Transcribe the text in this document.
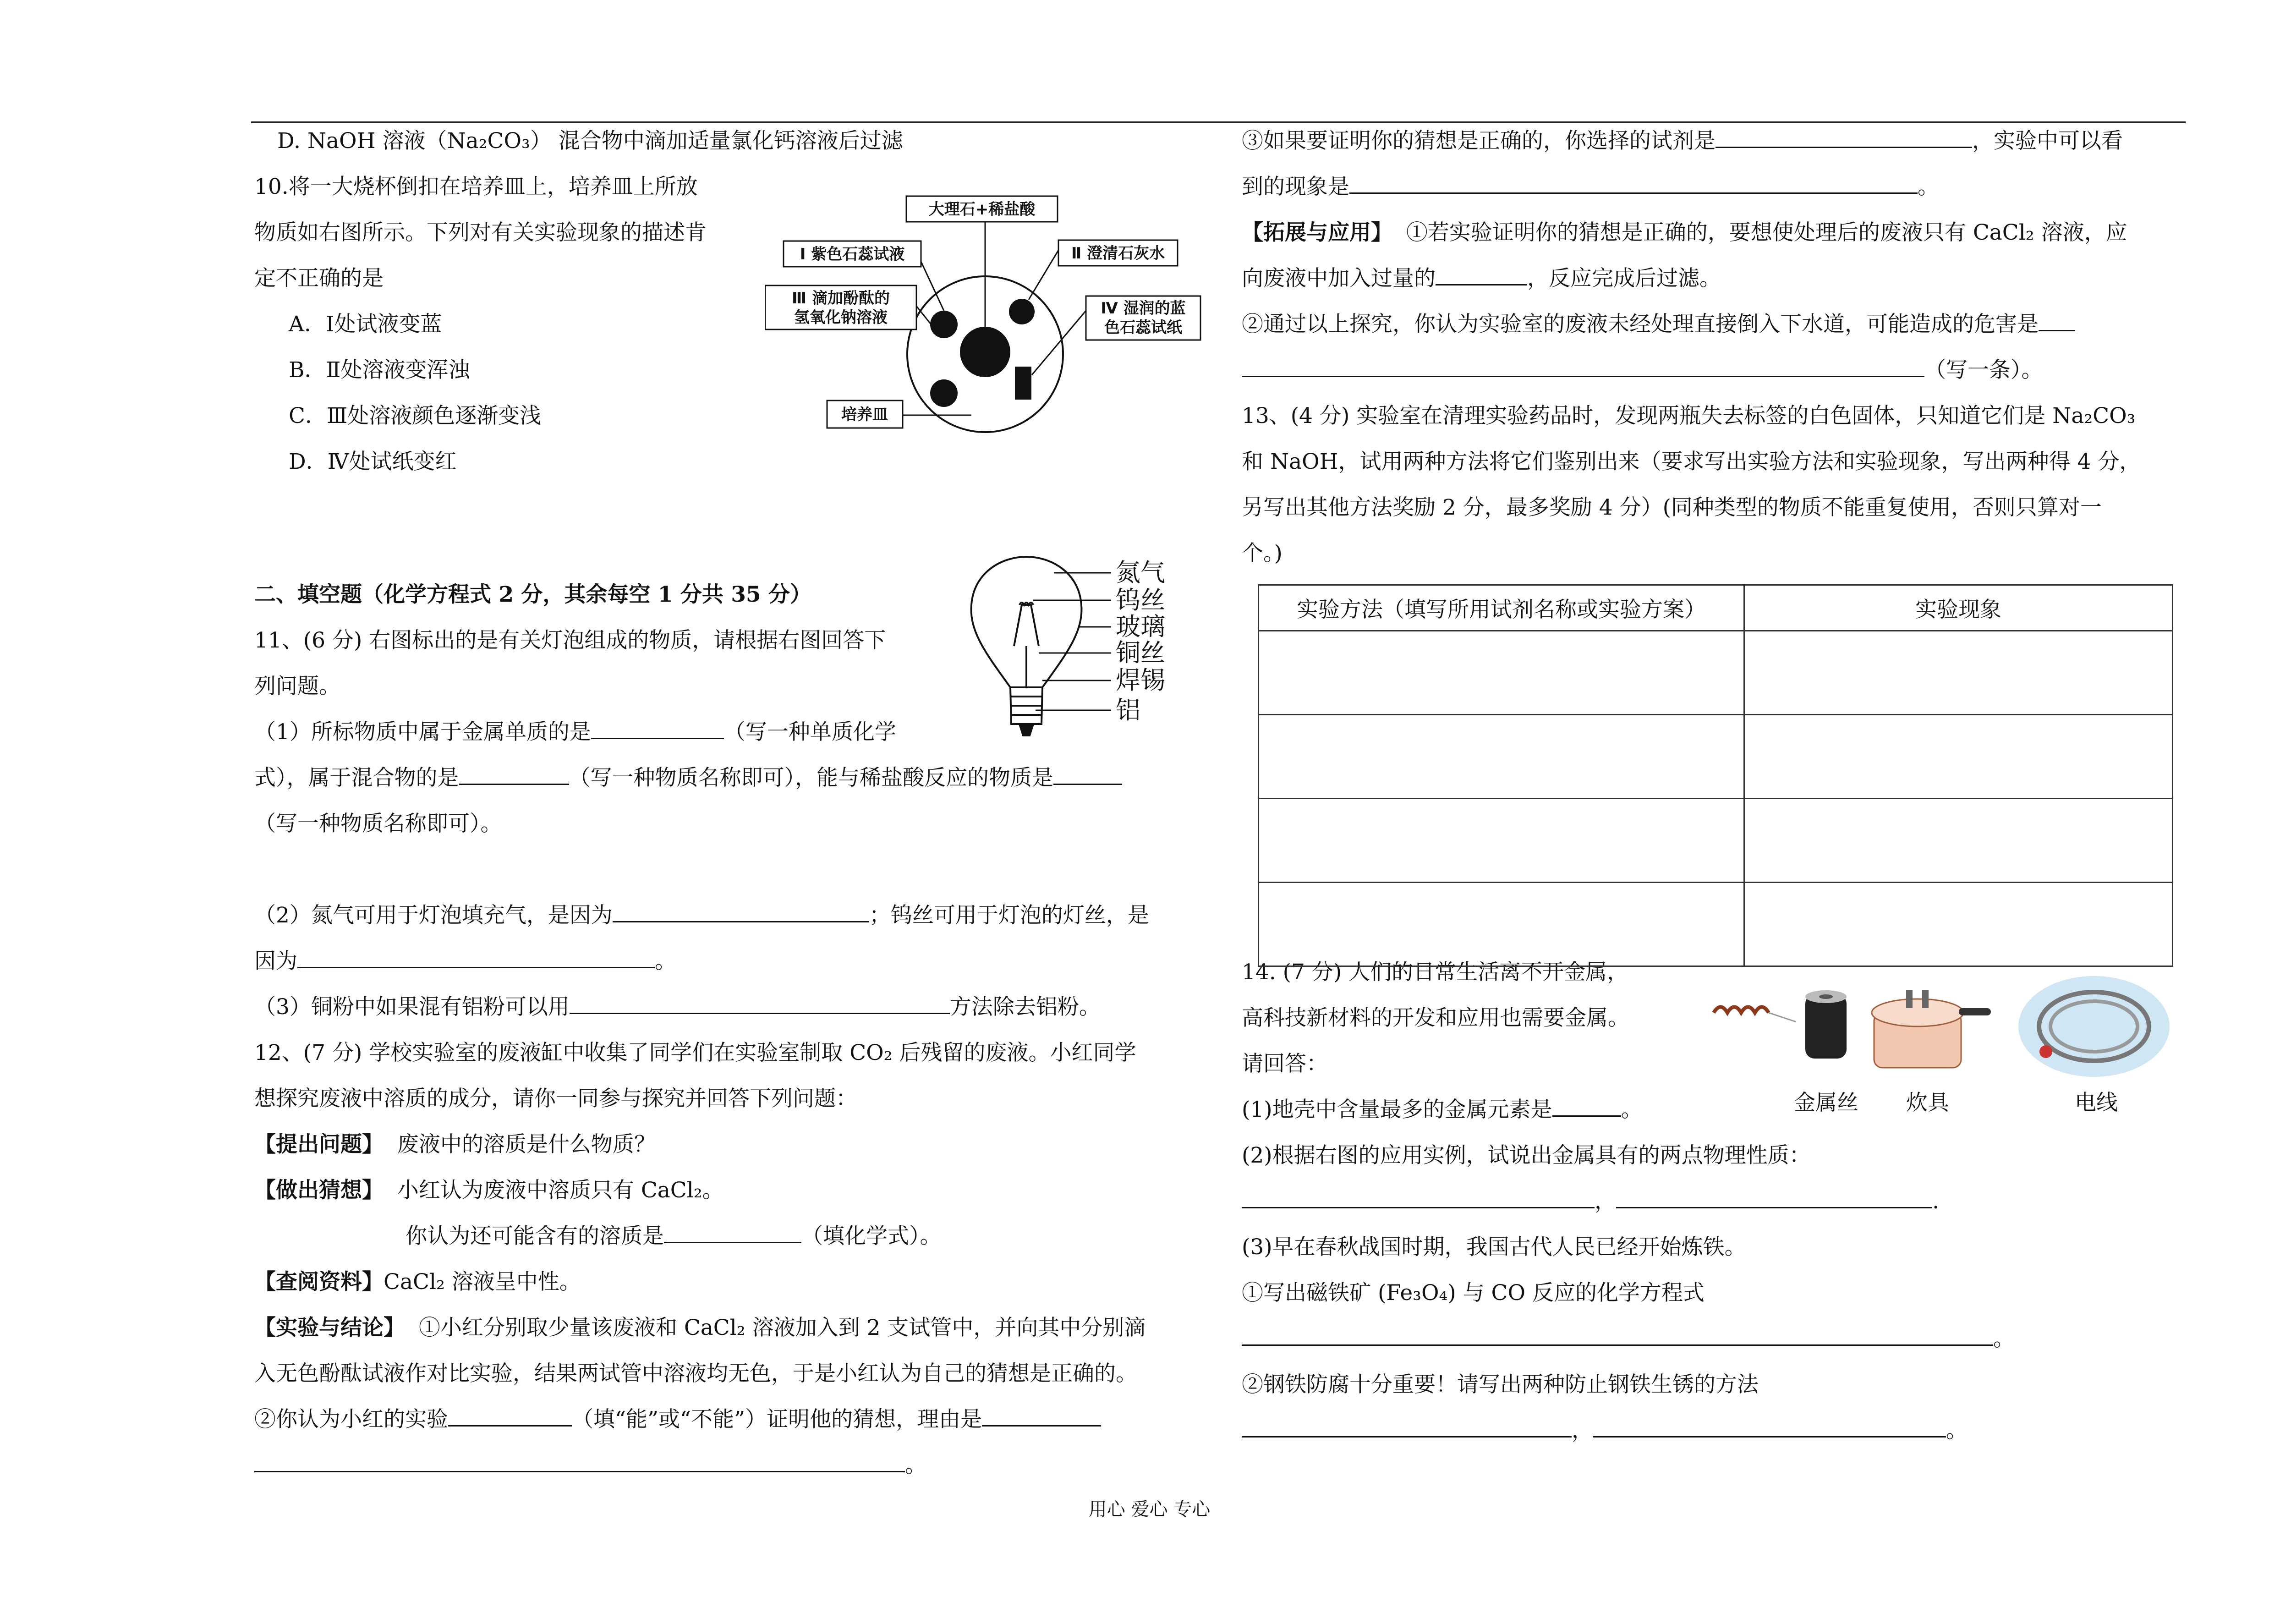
D. NaOH 溶液（Na₂CO₃） 混合物中滴加适量氯化钙溶液后过滤
10.将一大烧杯倒扣在培养皿上，培养皿上所放
物质如右图所示。下列对有关实验现象的描述肯
定不正确的是
A．Ⅰ处试液变蓝
B．Ⅱ处溶液变浑浊
C．Ⅲ处溶液颜色逐渐变浅
D．Ⅳ处试纸变红
二、填空题（化学方程式 2 分，其余每空 1 分共 35 分）
11、(6 分) 右图标出的是有关灯泡组成的物质，请根据右图回答下
列问题。
（1）所标物质中属于金属单质的是	（写一种单质化学
式），属于混合物的是	（写一种物质名称即可），能与稀盐酸反应的物质是
（写一种物质名称即可）。
（2）氮气可用于灯泡填充气，是因为	；钨丝可用于灯泡的灯丝，是
因为	。
（3）铜粉中如果混有铝粉可以用	方法除去铝粉。
12、(7 分) 学校实验室的废液缸中收集了同学们在实验室制取 CO₂ 后残留的废液。小红同学
想探究废液中溶质的成分，请你一同参与探究并回答下列问题：
【提出问题】 废液中的溶质是什么物质？
【做出猜想】 小红认为废液中溶质只有 CaCl₂。
你认为还可能含有的溶质是	（填化学式）。
【查阅资料】CaCl₂ 溶液呈中性。
【实验与结论】 ①小红分别取少量该废液和 CaCl₂ 溶液加入到 2 支试管中，并向其中分别滴
入无色酚酞试液作对比实验，结果两试管中溶液均无色，于是小红认为自己的猜想是正确的。
②你认为小红的实验	（填“能”或“不能”）证明他的猜想，理由是
。
大理石+稀盐酸
Ⅰ 紫色石蕊试液	Ⅱ 澄清石灰水
Ⅲ 滴加酚酞的
氢氧化钠溶液	Ⅳ 湿润的蓝
色石蕊试纸
培养皿
氮气
钨丝
玻璃
铜丝
焊锡
铝
③如果要证明你的猜想是正确的，你选择的试剂是	，实验中可以看
到的现象是	。
【拓展与应用】 ①若实验证明你的猜想是正确的，要想使处理后的废液只有 CaCl₂ 溶液，应
向废液中加入过量的	，反应完成后过滤。
②通过以上探究，你认为实验室的废液未经处理直接倒入下水道，可能造成的危害是
（写一条）。
13、(4 分) 实验室在清理实验药品时，发现两瓶失去标签的白色固体，只知道它们是 Na₂CO₃
和 NaOH，试用两种方法将它们鉴别出来（要求写出实验方法和实验现象，写出两种得 4 分，
另写出其他方法奖励 2 分，最多奖励 4 分）(同种类型的物质不能重复使用，否则只算对一
个。)
14. (7 分) 人们的日常生活离不开金属，
高科技新材料的开发和应用也需要金属。
请回答：
(1)地壳中含量最多的金属元素是	。
(2)根据右图的应用实例，试说出金属具有的两点物理性质：
，	.
(3)早在春秋战国时期，我国古代人民已经开始炼铁。
①写出磁铁矿 (Fe₃O₄) 与 CO 反应的化学方程式
。
②钢铁防腐十分重要！请写出两种防止钢铁生锈的方法
，	。
实验方法（填写所用试剂名称或实验方案）	实验现象

金属丝 炊具	电线
用心 爱心 专心
